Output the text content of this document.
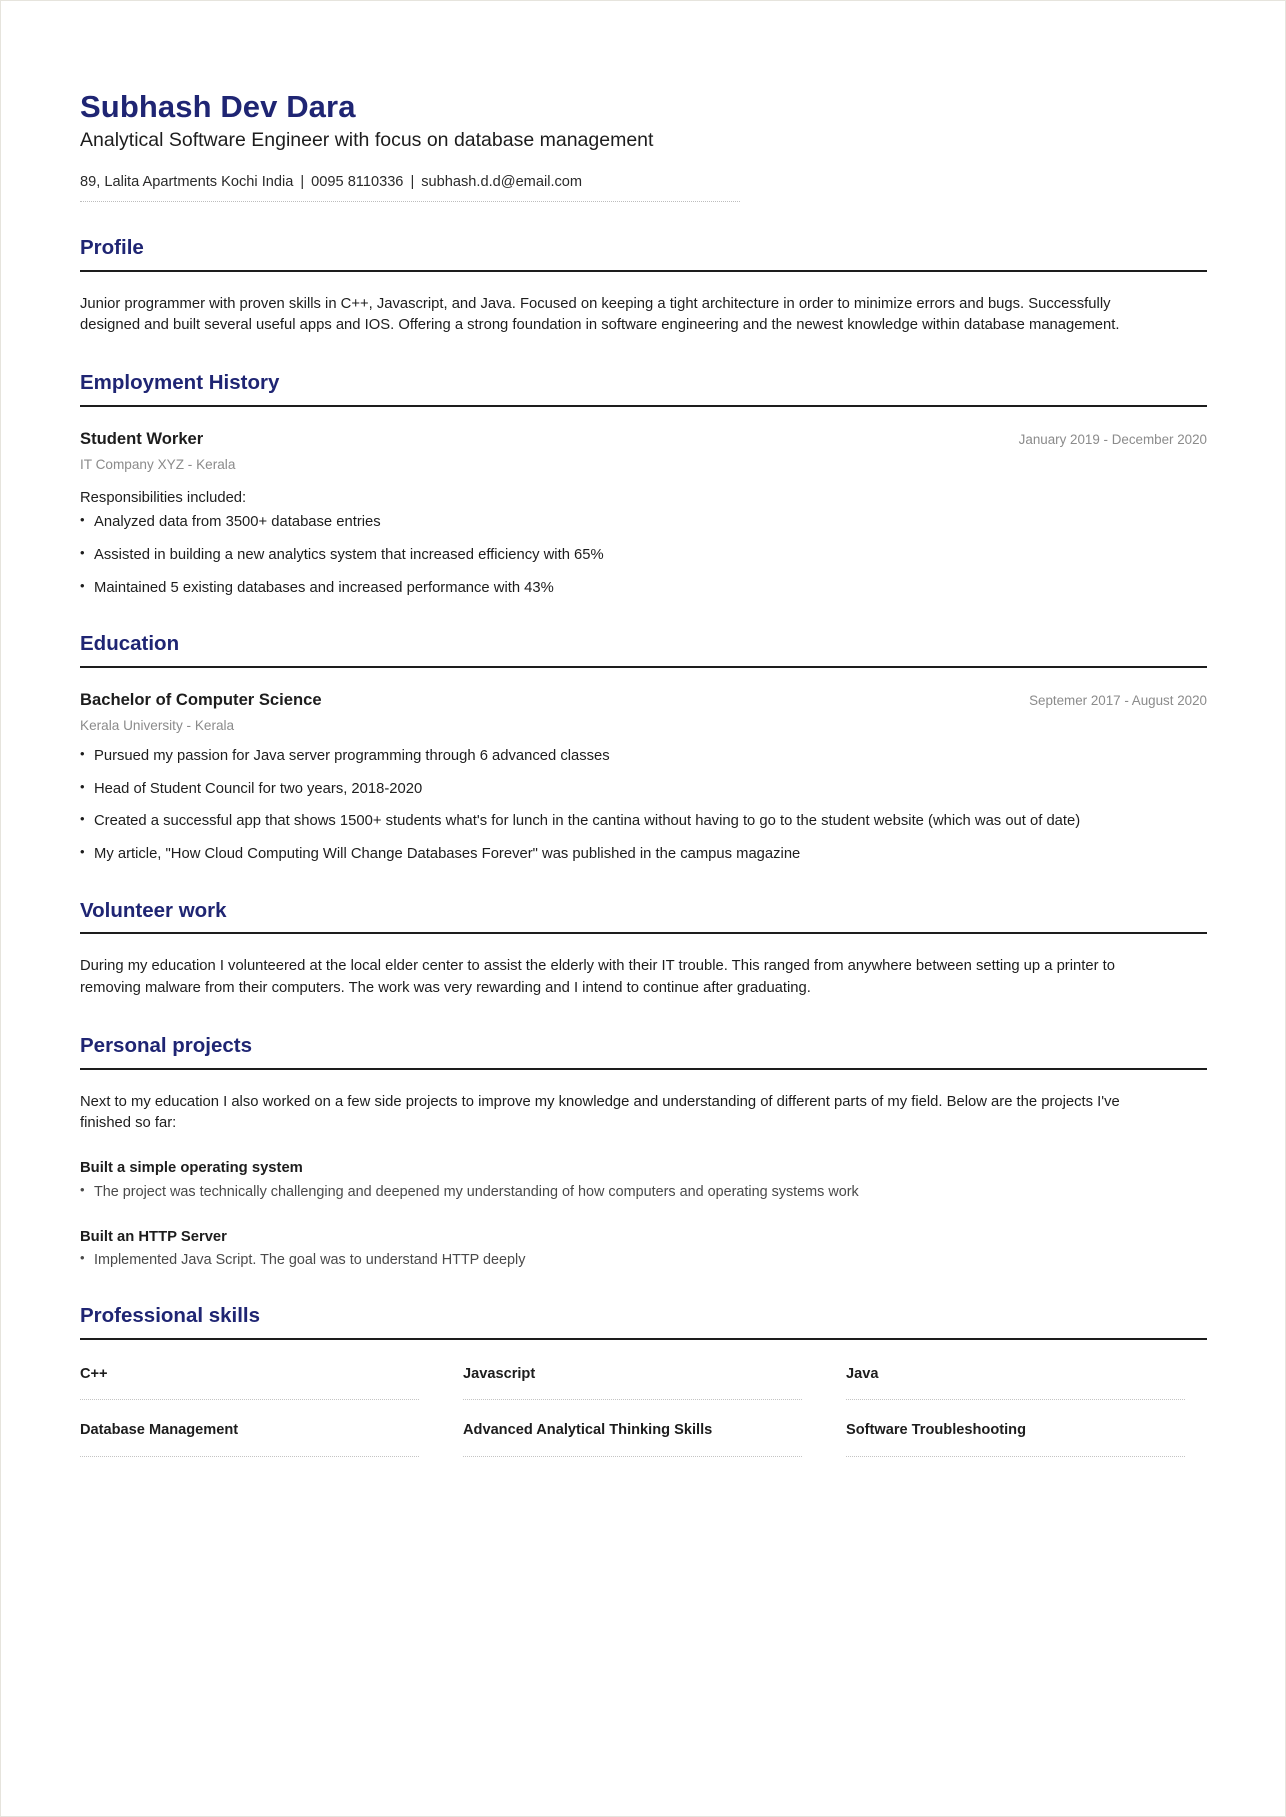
Subhash Dev Dara
Analytical Software Engineer with focus on database management
89, Lalita Apartments Kochi India | 0095 8110336 | subhash.d.d@email.com
Profile
Junior programmer with proven skills in C++, Javascript, and Java. Focused on keeping a tight architecture in order to minimize errors and bugs. Successfully designed and built several useful apps and IOS. Offering a strong foundation in software engineering and the newest knowledge within database management.
Employment History
Student Worker	January 2019 - December 2020
IT Company XYZ - Kerala
Responsibilities included:
• Analyzed data from 3500+ database entries
• Assisted in building a new analytics system that increased efficiency with 65%
• Maintained 5 existing databases and increased performance with 43%
Education
Bachelor of Computer Science	Septemer 2017 - August 2020
Kerala University - Kerala
• Pursued my passion for Java server programming through 6 advanced classes
• Head of Student Council for two years, 2018-2020
• Created a successful app that shows 1500+ students what's for lunch in the cantina without having to go to the student website (which was out of date)
• My article, "How Cloud Computing Will Change Databases Forever" was published in the campus magazine
Volunteer work
During my education I volunteered at the local elder center to assist the elderly with their IT trouble. This ranged from anywhere between setting up a printer to removing malware from their computers. The work was very rewarding and I intend to continue after graduating.
Personal projects
Next to my education I also worked on a few side projects to improve my knowledge and understanding of different parts of my field. Below are the projects I've finished so far:
Built a simple operating system
• The project was technically challenging and deepened my understanding of how computers and operating systems work
Built an HTTP Server
• Implemented Java Script. The goal was to understand HTTP deeply
Professional skills
C++	Javascript	Java
Database Management	Advanced Analytical Thinking Skills	Software Troubleshooting
